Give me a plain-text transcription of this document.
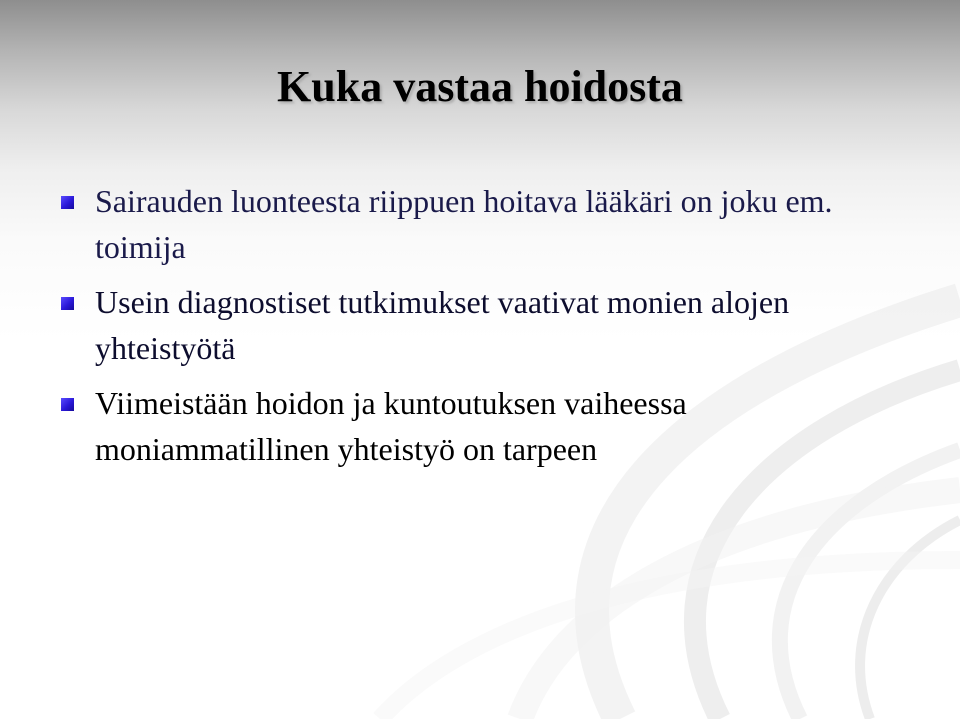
Kuka vastaa hoidosta
Sairauden luonteesta riippuen hoitava lääkäri on joku em. toimija
Usein diagnostiset tutkimukset vaativat monien alojen yhteistyötä
Viimeistään hoidon ja kuntoutuksen vaiheessa moniammatillinen yhteistyö on tarpeen
